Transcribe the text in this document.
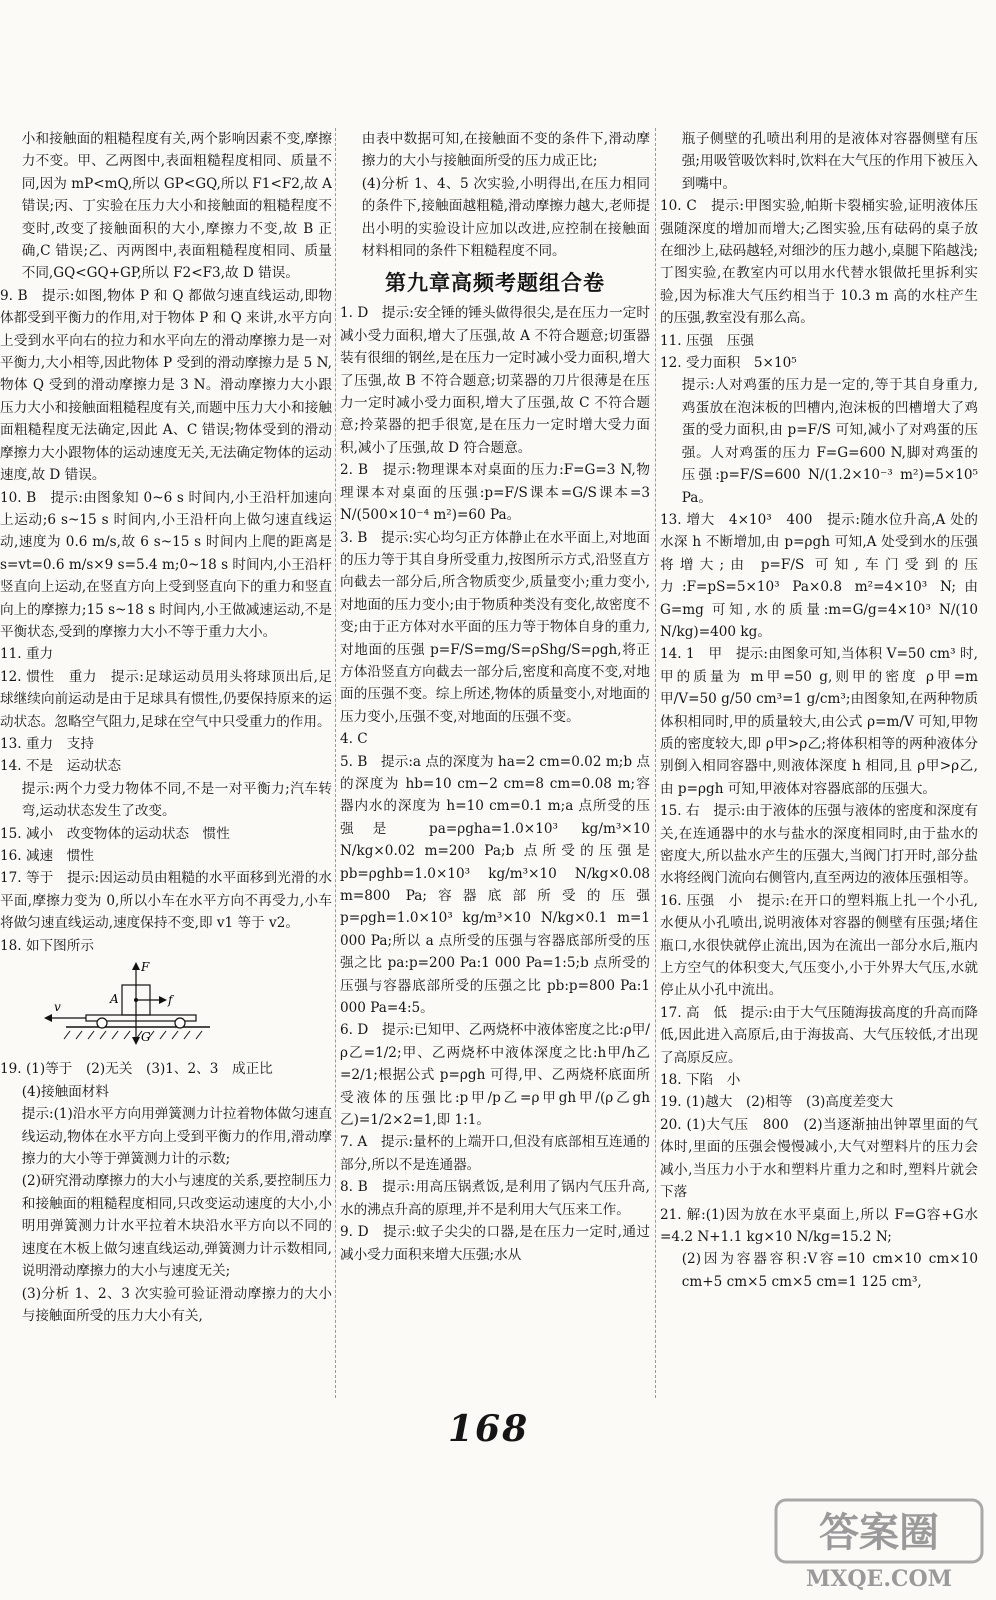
小和接触面的粗糙程度有关,两个影响因素不变,摩擦力不变。甲、乙两图中,表面粗糙程度相同、质量不同,因为 mP<mQ,所以 GP<GQ,所以 F1<F2,故 A 错误;丙、丁实验在压力大小和接触面的粗糙程度不变时,改变了接触面积的大小,摩擦力不变,故 B 正确,C 错误;乙、丙两图中,表面粗糙程度相同、质量不同,GQ<GQ+GP,所以 F2<F3,故 D 错误。

9. B　提示:如图,物体 P 和 Q 都做匀速直线运动,即物体都受到平衡力的作用,对于物体 P 和 Q 来讲,水平方向上受到水平向右的拉力和水平向左的滑动摩擦力是一对平衡力,大小相等,因此物体 P 受到的滑动摩擦力是 5 N,物体 Q 受到的滑动摩擦力是 3 N。滑动摩擦力大小跟压力大小和接触面粗糙程度有关,而题中压力大小和接触面粗糙程度无法确定,因此 A、C 错误;物体受到的滑动摩擦力大小跟物体的运动速度无关,无法确定物体的运动速度,故 D 错误。

10. B　提示:由图象知 0~6 s 时间内,小王沿杆加速向上运动;6 s~15 s 时间内,小王沿杆向上做匀速直线运动,速度为 0.6 m/s,故 6 s~15 s 时间内上爬的距离是 s=vt=0.6 m/s×9 s=5.4 m;0~18 s 时间内,小王沿杆竖直向上运动,在竖直方向上受到竖直向下的重力和竖直向上的摩擦力;15 s~18 s 时间内,小王做减速运动,不是平衡状态,受到的摩擦力大小不等于重力大小。

11. 重力

12. 惯性　重力　提示:足球运动员用头将球顶出后,足球继续向前运动是由于足球具有惯性,仍要保持原来的运动状态。忽略空气阻力,足球在空气中只受重力的作用。

13. 重力　支持

14. 不是　运动状态

提示:两个力受力物体不同,不是一对平衡力;汽车转弯,运动状态发生了改变。

15. 减小　改变物体的运动状态　惯性

16. 减速　惯性

17. 等于　提示:因运动员由粗糙的水平面移到光滑的水平面,摩擦力变为 0,所以小车在水平方向不再受力,小车将做匀速直线运动,速度保持不变,即 v1 等于 v2。

18. 如下图所示

v
A
F
G
f

19. (1)等于　(2)无关　(3)1、2、3　成正比

(4)接触面材料

提示:(1)沿水平方向用弹簧测力计拉着物体做匀速直线运动,物体在水平方向上受到平衡力的作用,滑动摩擦力的大小等于弹簧测力计的示数;

(2)研究滑动摩擦力的大小与速度的关系,要控制压力和接触面的粗糙程度相同,只改变运动速度的大小,小明用弹簧测力计水平拉着木块沿水平方向以不同的速度在木板上做匀速直线运动,弹簧测力计示数相同,说明滑动摩擦力的大小与速度无关;

(3)分析 1、2、3 次实验可验证滑动摩擦力的大小与接触面所受的压力大小有关,

由表中数据可知,在接触面不变的条件下,滑动摩擦力的大小与接触面所受的压力成正比;

(4)分析 1、4、5 次实验,小明得出,在压力相同的条件下,接触面越粗糙,滑动摩擦力越大,老师提出小明的实验设计应加以改进,应控制在接触面材料相同的条件下粗糙程度不同。

第九章高频考题组合卷

1. D　提示:安全锤的锤头做得很尖,是在压力一定时减小受力面积,增大了压强,故 A 不符合题意;切蛋器装有很细的钢丝,是在压力一定时减小受力面积,增大了压强,故 B 不符合题意;切菜器的刀片很薄是在压力一定时减小受力面积,增大了压强,故 C 不符合题意;拎菜器的把手很宽,是在压力一定时增大受力面积,减小了压强,故 D 符合题意。

2. B　提示:物理课本对桌面的压力:F=G=3 N,物理课本对桌面的压强:p=F/S课本=G/S课本=3 N/(500×10⁻⁴ m²)=60 Pa。

3. B　提示:实心均匀正方体静止在水平面上,对地面的压力等于其自身所受重力,按图所示方式,沿竖直方向截去一部分后,所含物质变少,质量变小;重力变小,对地面的压力变小;由于物质种类没有变化,故密度不变;由于正方体对水平面的压力等于物体自身的重力,对地面的压强 p=F/S=mg/S=ρShg/S=ρgh,将正方体沿竖直方向截去一部分后,密度和高度不变,对地面的压强不变。综上所述,物体的质量变小,对地面的压力变小,压强不变,对地面的压强不变。

4. C

5. B　提示:a 点的深度为 ha=2 cm=0.02 m;b 点的深度为 hb=10 cm−2 cm=8 cm=0.08 m;容器内水的深度为 h=10 cm=0.1 m;a 点所受的压强是 pa=ρgha=1.0×10³ kg/m³×10 N/kg×0.02 m=200 Pa;b 点所受的压强是 pb=ρghb=1.0×10³ kg/m³×10 N/kg×0.08 m=800 Pa;容器底部所受的压强 p=ρgh=1.0×10³ kg/m³×10 N/kg×0.1 m=1 000 Pa;所以 a 点所受的压强与容器底部所受的压强之比 pa:p=200 Pa:1 000 Pa=1:5;b 点所受的压强与容器底部所受的压强之比 pb:p=800 Pa:1 000 Pa=4:5。

6. D　提示:已知甲、乙两烧杯中液体密度之比:ρ甲/ρ乙=1/2;甲、乙两烧杯中液体深度之比:h甲/h乙=2/1;根据公式 p=ρgh 可得,甲、乙两烧杯底面所受液体的压强比:p甲/p乙=ρ甲gh甲/(ρ乙gh乙)=1/2×2=1,即 1:1。

7. A　提示:量杯的上端开口,但没有底部相互连通的部分,所以不是连通器。

8. B　提示:用高压锅煮饭,是利用了锅内气压升高,水的沸点升高的原理,并不是利用大气压来工作。

9. D　提示:蚊子尖尖的口器,是在压力一定时,通过减小受力面积来增大压强;水从

瓶子侧壁的孔喷出利用的是液体对容器侧壁有压强;用吸管吸饮料时,饮料在大气压的作用下被压入到嘴中。

10. C　提示:甲图实验,帕斯卡裂桶实验,证明液体压强随深度的增加而增大;乙图实验,压有砝码的桌子放在细沙上,砝码越轻,对细沙的压力越小,桌腿下陷越浅;丁图实验,在教室内可以用水代替水银做托里拆利实验,因为标准大气压约相当于 10.3 m 高的水柱产生的压强,教室没有那么高。

11. 压强　压强

12. 受力面积　5×10⁵

提示:人对鸡蛋的压力是一定的,等于其自身重力,鸡蛋放在泡沫板的凹槽内,泡沫板的凹槽增大了鸡蛋的受力面积,由 p=F/S 可知,减小了对鸡蛋的压强。人对鸡蛋的压力 F=G=600 N,脚对鸡蛋的压强:p=F/S=600 N/(1.2×10⁻³ m²)=5×10⁵ Pa。

13. 增大　4×10³　400　提示:随水位升高,A 处的水深 h 不断增加,由 p=ρgh 可知,A 处受到水的压强将增大;由 p=F/S 可知,车门受到的压力:F=pS=5×10³ Pa×0.8 m²=4×10³ N;由 G=mg 可知,水的质量:m=G/g=4×10³ N/(10 N/kg)=400 kg。

14. 1　甲　提示:由图象可知,当体积 V=50 cm³ 时,甲的质量为 m甲=50 g,则甲的密度 ρ甲=m甲/V=50 g/50 cm³=1 g/cm³;由图象知,在两种物质体积相同时,甲的质量较大,由公式 ρ=m/V 可知,甲物质的密度较大,即 ρ甲>ρ乙;将体积相等的两种液体分别倒入相同容器中,则液体深度 h 相同,且 ρ甲>ρ乙,由 p=ρgh 可知,甲液体对容器底部的压强大。

15. 右　提示:由于液体的压强与液体的密度和深度有关,在连通器中的水与盐水的深度相同时,由于盐水的密度大,所以盐水产生的压强大,当阀门打开时,部分盐水将经阀门流向右侧管内,直至两边的液体压强相等。

16. 压强　小　提示:在开口的塑料瓶上扎一个小孔,水便从小孔喷出,说明液体对容器的侧壁有压强;堵住瓶口,水很快就停止流出,因为在流出一部分水后,瓶内上方空气的体积变大,气压变小,小于外界大气压,水就停止从小孔中流出。

17. 高　低　提示:由于大气压随海拔高度的升高而降低,因此进入高原后,由于海拔高、大气压较低,才出现了高原反应。

18. 下陷　小

19. (1)越大　(2)相等　(3)高度差变大

20. (1)大气压　800　(2)当逐渐抽出钟罩里面的气体时,里面的压强会慢慢减小,大气对塑料片的压力会减小,当压力小于水和塑料片重力之和时,塑料片就会下落

21. 解:(1)因为放在水平桌面上,所以 F=G容+G水=4.2 N+1.1 kg×10 N/kg=15.2 N;

(2)因为容器容积:V容=10 cm×10 cm×10 cm+5 cm×5 cm×5 cm=1 125 cm³,

168
答案圈
MXQE.COM
